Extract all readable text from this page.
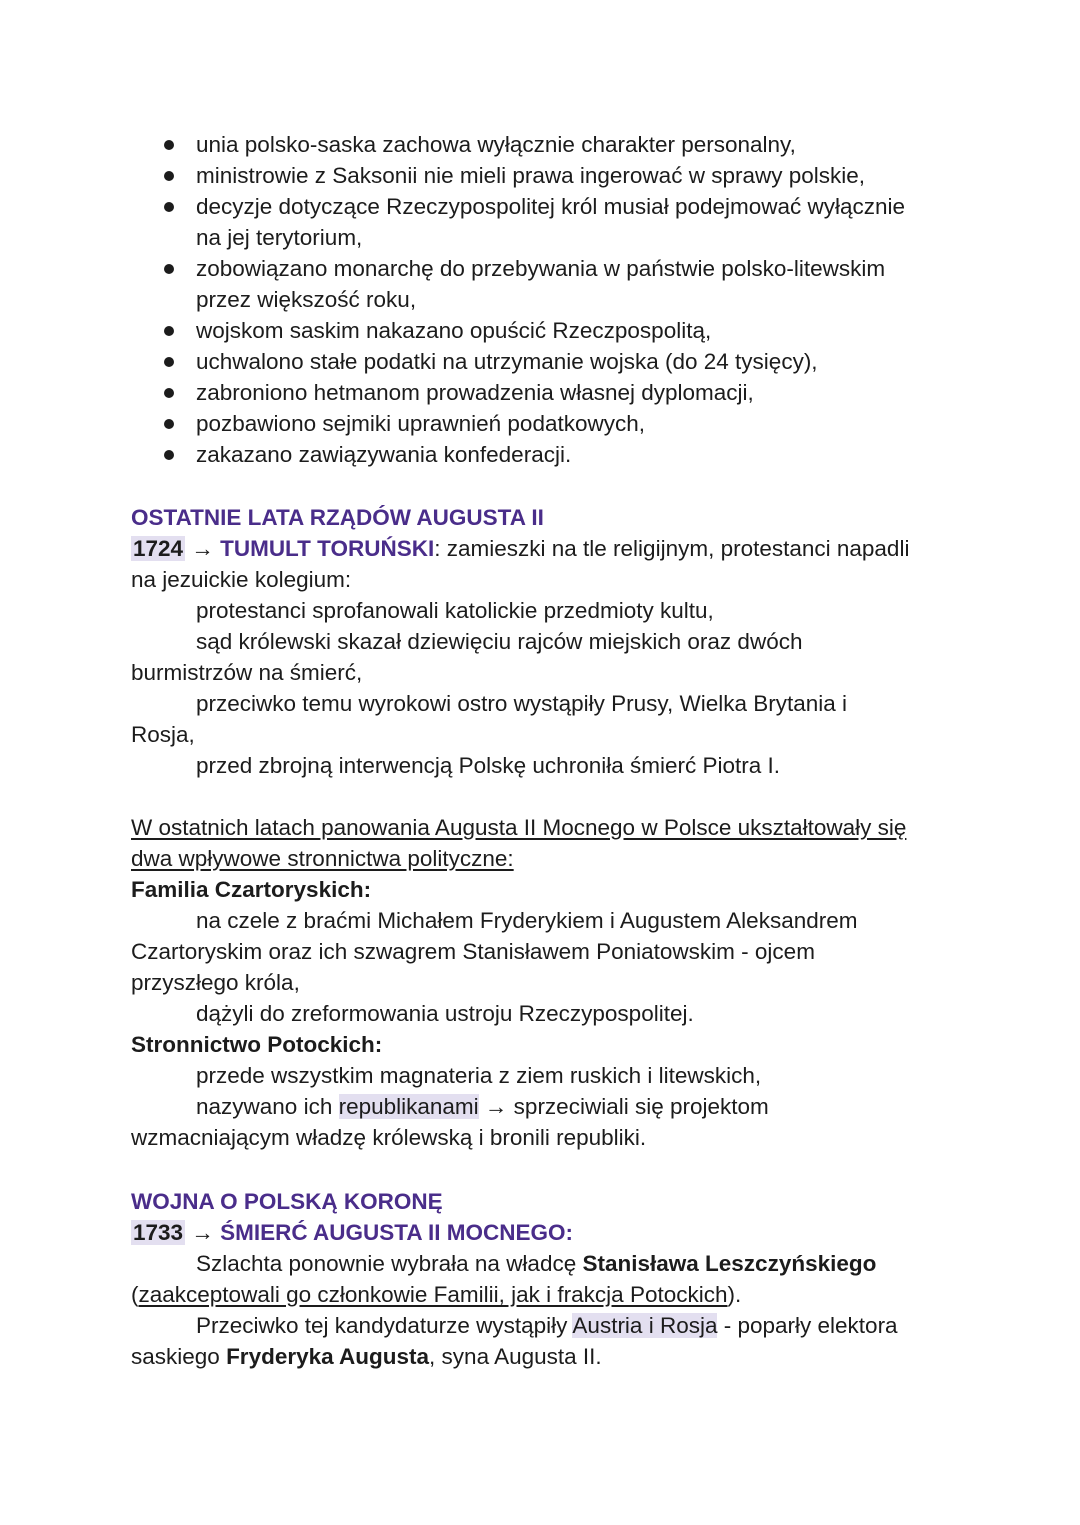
unia polsko-saska zachowa wyłącznie charakter personalny,
ministrowie z Saksonii nie mieli prawa ingerować w sprawy polskie,
decyzje dotyczące Rzeczypospolitej król musiał podejmować wyłącznie
na jej terytorium,
zobowiązano monarchę do przebywania w państwie polsko-litewskim
przez większość roku,
wojskom saskim nakazano opuścić Rzeczpospolitą,
uchwalono stałe podatki na utrzymanie wojska (do 24 tysięcy),
zabroniono hetmanom prowadzenia własnej dyplomacji,
pozbawiono sejmiki uprawnień podatkowych,
zakazano zawiązywania konfederacji.
OSTATNIE LATA RZĄDÓW AUGUSTA II
1724 → TUMULT TORUŃSKI: zamieszki na tle religijnym, protestanci napadli
na jezuickie kolegium:
protestanci sprofanowali katolickie przedmioty kultu,
sąd królewski skazał dziewięciu rajców miejskich oraz dwóch
burmistrzów na śmierć,
przeciwko temu wyrokowi ostro wystąpiły Prusy, Wielka Brytania i
Rosja,
przed zbrojną interwencją Polskę uchroniła śmierć Piotra I.
W ostatnich latach panowania Augusta II Mocnego w Polsce ukształtowały się
dwa wpływowe stronnictwa polityczne:
Familia Czartoryskich:
na czele z braćmi Michałem Fryderykiem i Augustem Aleksandrem
Czartoryskim oraz ich szwagrem Stanisławem Poniatowskim - ojcem
przyszłego króla,
dążyli do zreformowania ustroju Rzeczypospolitej.
Stronnictwo Potockich:
przede wszystkim magnateria z ziem ruskich i litewskich,
nazywano ich republikanami → sprzeciwiali się projektom
wzmacniającym władzę królewską i bronili republiki.
WOJNA O POLSKĄ KORONĘ
1733 → ŚMIERĆ AUGUSTA II MOCNEGO:
Szlachta ponownie wybrała na władcę Stanisława Leszczyńskiego
(zaakceptowali go członkowie Familii, jak i frakcja Potockich).
Przeciwko tej kandydaturze wystąpiły Austria i Rosja - poparły elektora
saskiego Fryderyka Augusta, syna Augusta II.
